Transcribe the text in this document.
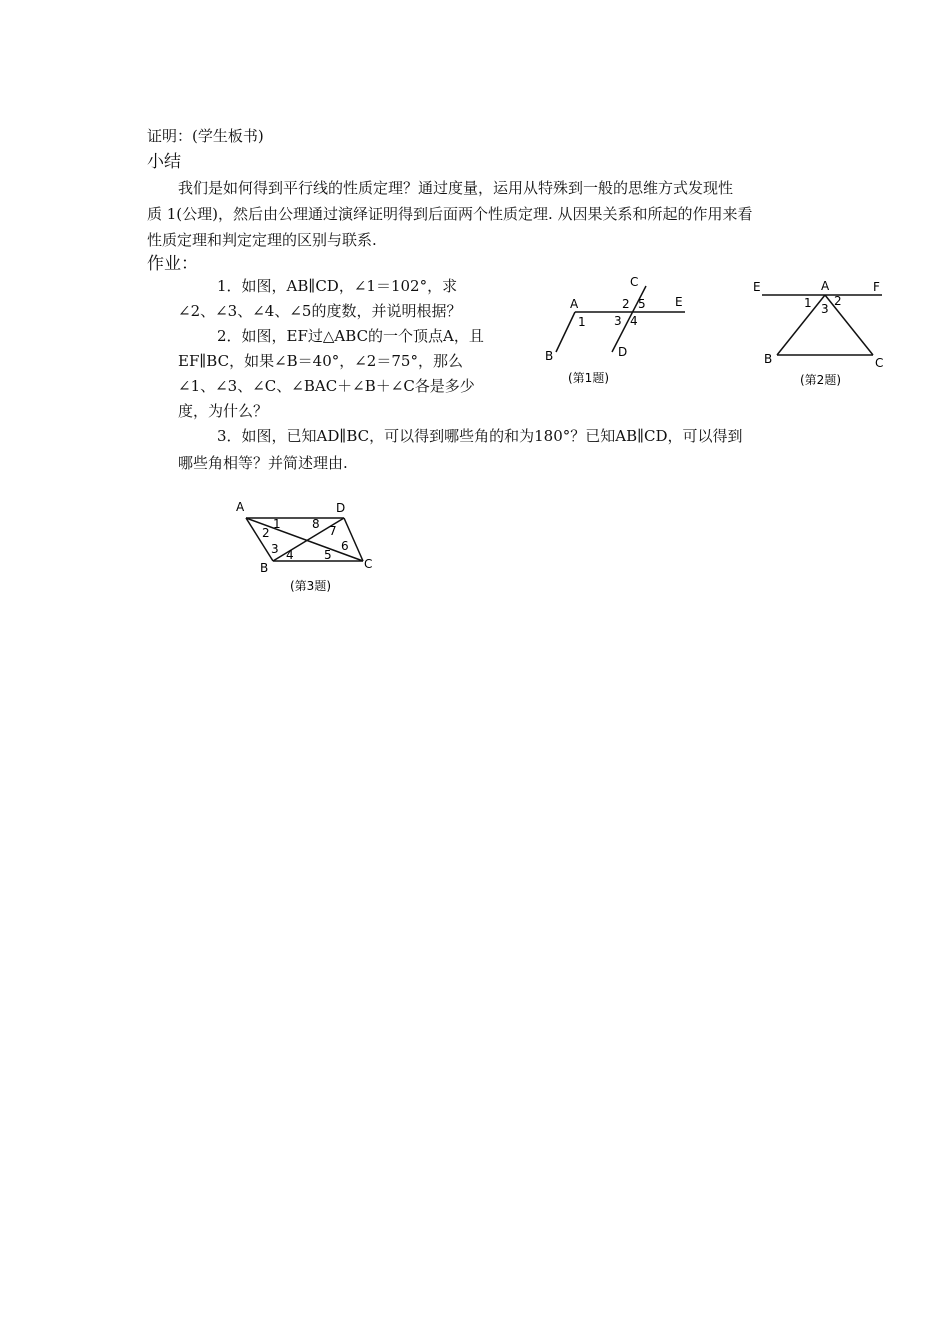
证明：(学生板书)
小结
我们是如何得到平行线的性质定理？通过度量，运用从特殊到一般的思维方式发现性
质 1(公理)，然后由公理通过演绎证明得到后面两个性质定理. 从因果关系和所起的作用来看
性质定理和判定定理的区别与联系.
作业：
1．如图，AB∥CD，∠1＝102°，求
∠2、∠3、∠4、∠5的度数，并说明根据？
2．如图，EF过△ABC的一个顶点A，且
EF∥BC，如果∠B＝40°，∠2＝75°，那么
∠1、∠3、∠C、∠BAC＋∠B＋∠C各是多少
度，为什么？
3．如图，已知AD∥BC，可以得到哪些角的和为180°？已知AB∥CD，可以得到
哪些角相等？并简述理由.
A
B
C
D
E
1
2 5
3 4
(第1题)
E	A	F
B	C
1 2
3
(第2题)
A	D
B	C
1	8
2	7
3	6
4	5
(第3题)
